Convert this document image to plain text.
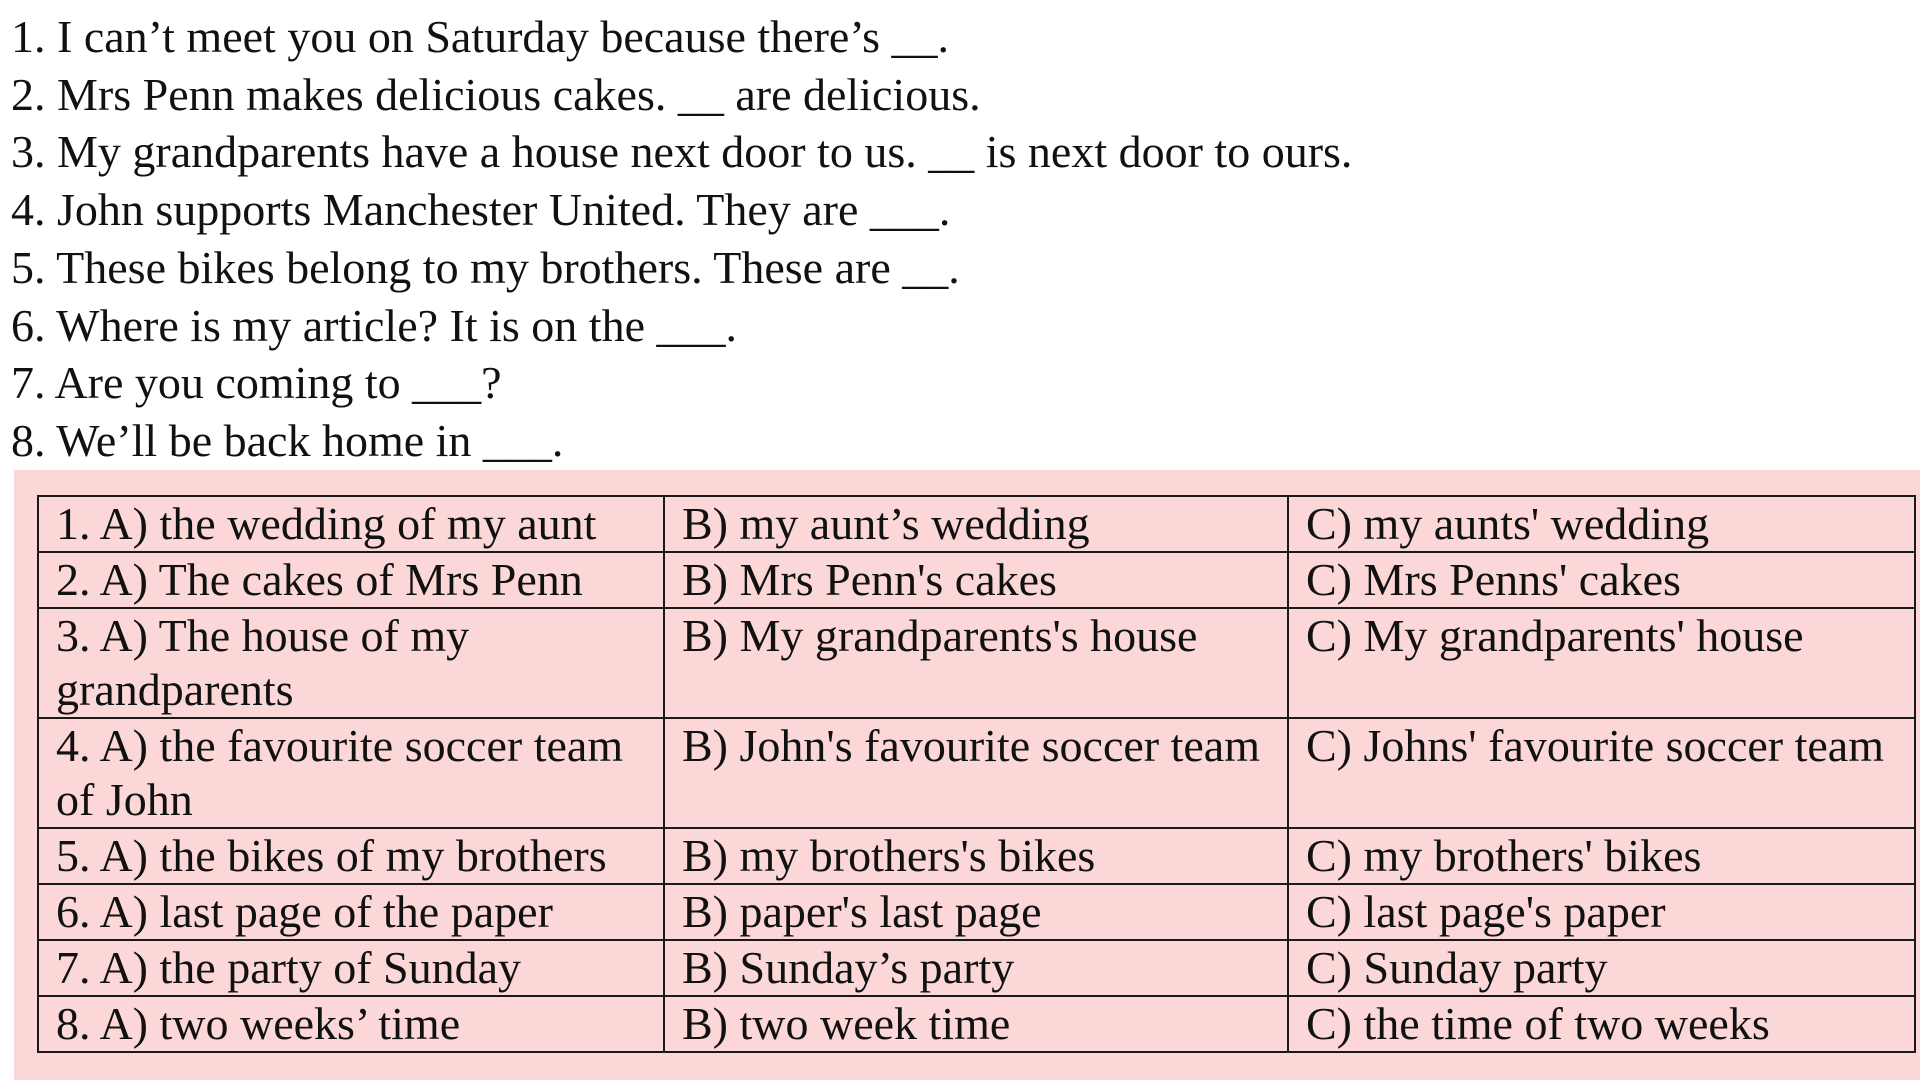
1. I can’t meet you on Saturday because there’s __.
2. Mrs Penn makes delicious cakes. __ are delicious.
3. My grandparents have a house next door to us. __ is next door to ours.
4. John supports Manchester United. They are ___.
5. These bikes belong to my brothers. These are __.
6. Where is my article? It is on the ___.
7. Are you coming to ___?
8. We’ll be back home in ___.
1. A) the wedding of my aunt	B) my aunt’s wedding	C) my aunts' wedding
2. A) The cakes of Mrs Penn	B) Mrs Penn's cakes	C) Mrs Penns' cakes
3. A) The house of my grandparents	B) My grandparents's house	C) My grandparents' house
4. A) the favourite soccer team of John	B) John's favourite soccer team	C) Johns' favourite soccer team
5. A) the bikes of my brothers	B) my brothers's bikes	C) my brothers' bikes
6. A) last page of the paper	B) paper's last page	C) last page's paper
7. A) the party of Sunday	B) Sunday’s party	C) Sunday party
8. A) two weeks’ time	B) two week time	C) the time of two weeks
